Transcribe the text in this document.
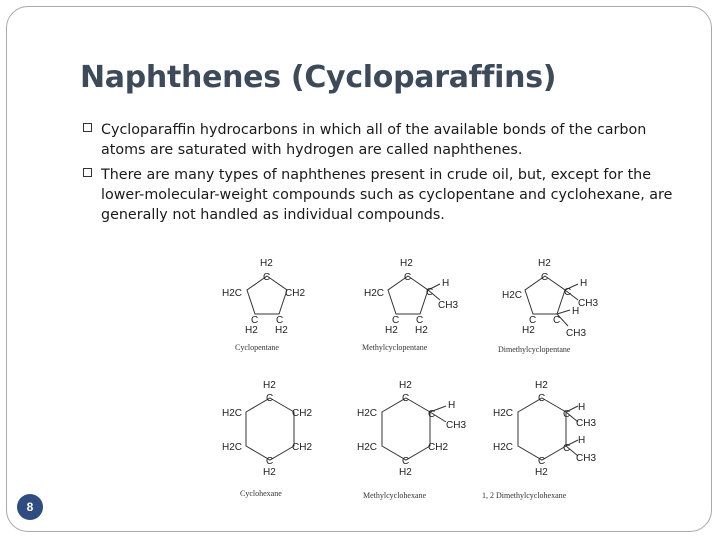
Naphthenes (Cycloparaffins)
Cycloparaffin hydrocarbons in which all of the available bonds of the carbon atoms are saturated with hydrogen are called naphthenes.
There are many types of naphthenes present in crude oil, but, except for the lower-molecular-weight compounds such as cyclopentane and cyclohexane, are generally not handled as individual compounds.
H2
C
H2C	CH2
C C
H2 H2
Cyclopentane
H2
C
H2C	C
H
CH3
C C
H2 H2
Methylcyclopentane
H2
C
H2C	C
H
CH3
C C
H
H2	CH3
Dimethylcyclopentane
H2
C
H2C	CH2
H2C	CH2
C
H2
Cyclohexane
H2
C
H2C	C
H
CH3
H2C	CH2
C
H2
Methylcyclohexane
H2
C
H2C	C
H
CH3
H2C	C
H
CH3
C
H2
1, 2 Dimethylcyclohexane
8
